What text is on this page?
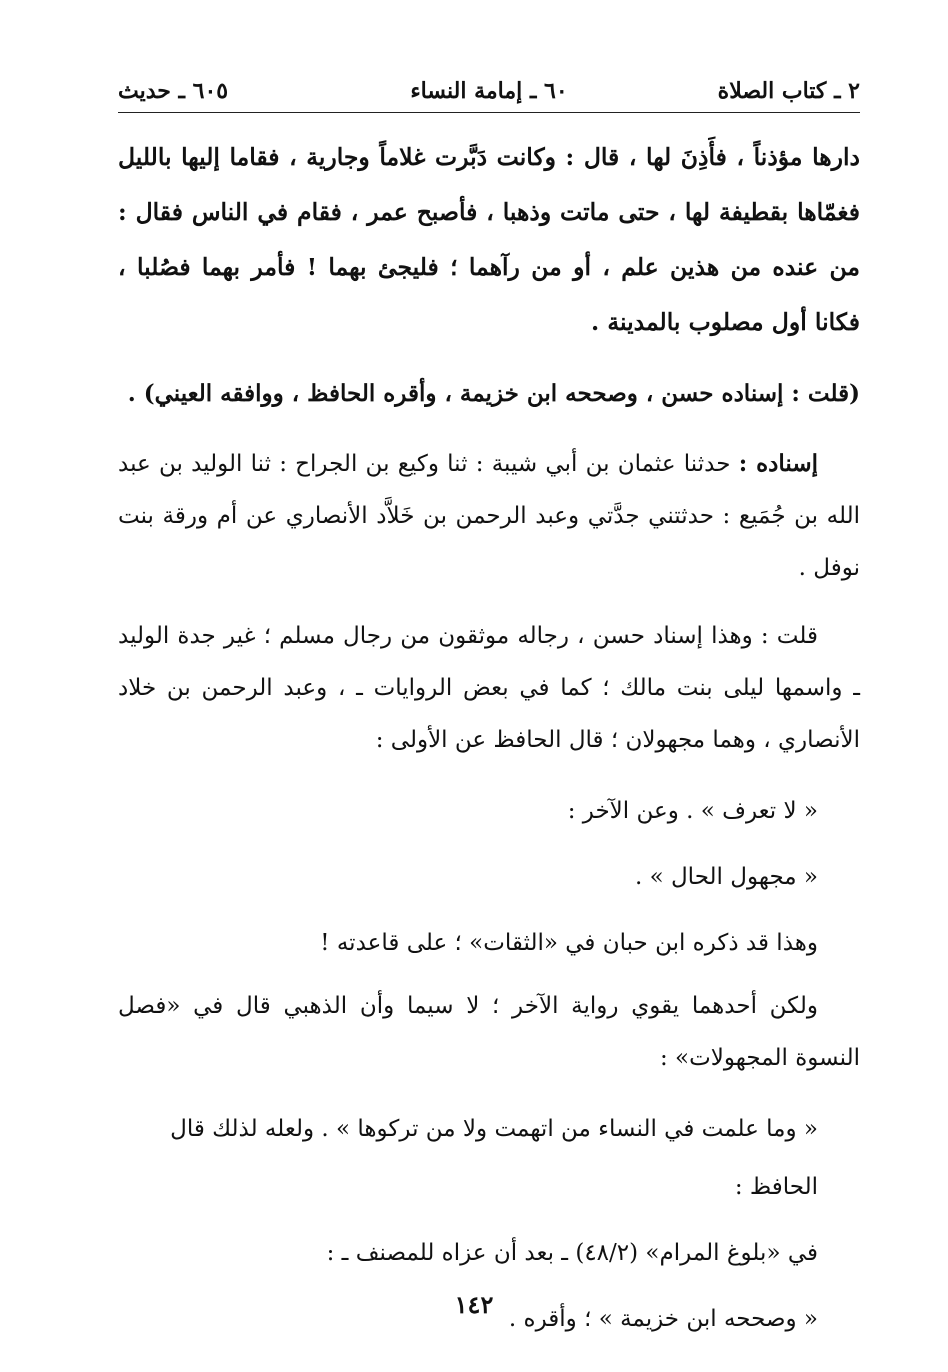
٢ ـ كتاب الصلاة
٦٠ ـ إمامة النساء
٦٠٥ ـ حديث

دارها مؤذناً ، فأَذِنَ لها ، قال : وكانت دَبَّرت غلاماً وجارية ، فقاما إليها بالليل فغمّاها بقطيفة لها ، حتى ماتت وذهبا ، فأصبح عمر ، فقام في الناس فقال : من عنده من هذين علم ، أو من رآهما ؛ فليجئ بهما ! فأمر بهما فصُلبا ، فكانا أول مصلوب بالمدينة .

(قلت : إسناده حسن ، وصححه ابن خزيمة ، وأقره الحافظ ، ووافقه العيني) .

إسناده : حدثنا عثمان بن أبي شيبة : ثنا وكيع بن الجراح : ثنا الوليد بن عبد الله بن جُمَيع : حدثتني جدَّتي وعبد الرحمن بن خَلاَّد الأنصاري عن أم ورقة بنت نوفل .

قلت : وهذا إسناد حسن ، رجاله موثقون من رجال مسلم ؛ غير جدة الوليد ـ واسمها ليلى بنت مالك ؛ كما في بعض الروايات ـ ، وعبد الرحمن بن خلاد الأنصاري ، وهما مجهولان ؛ قال الحافظ عن الأولى :

« لا تعرف » . وعن الآخر :

« مجهول الحال » .

وهذا قد ذكره ابن حبان في «الثقات» ؛ على قاعدته !

ولكن أحدهما يقوي رواية الآخر ؛ لا سيما وأن الذهبي قال في «فصل النسوة المجهولات» :

« وما علمت في النساء من اتهمت ولا من تركوها » . ولعله لذلك قال الحافظ :

في «بلوغ المرام» (٤٨/٢) ـ بعد أن عزاه للمصنف ـ :

« وصححه ابن خزيمة » ؛ وأقره .

١٤٢
